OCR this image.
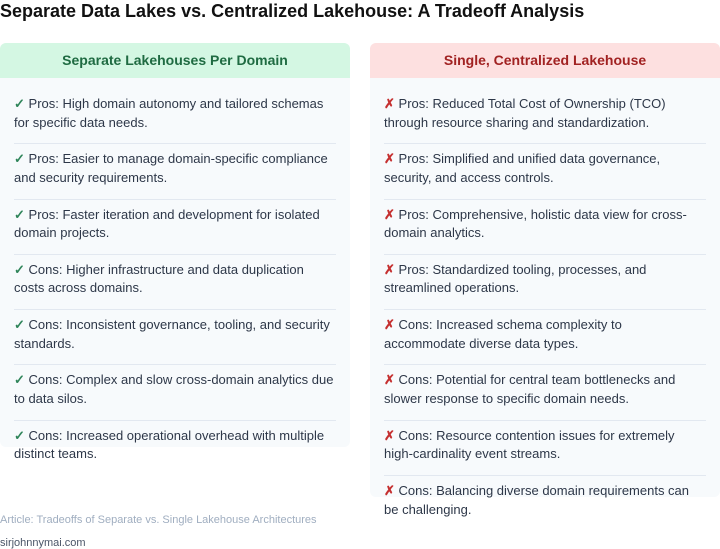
Separate Data Lakes vs. Centralized Lakehouse: A Tradeoff Analysis
Separate Lakehouses Per Domain
✓ Pros: High domain autonomy and tailored schemas for specific data needs.
✓ Pros: Easier to manage domain-specific compliance and security requirements.
✓ Pros: Faster iteration and development for isolated domain projects.
✓ Cons: Higher infrastructure and data duplication costs across domains.
✓ Cons: Inconsistent governance, tooling, and security standards.
✓ Cons: Complex and slow cross-domain analytics due to data silos.
✓ Cons: Increased operational overhead with multiple distinct teams.
Single, Centralized Lakehouse
✗ Pros: Reduced Total Cost of Ownership (TCO) through resource sharing and standardization.
✗ Pros: Simplified and unified data governance, security, and access controls.
✗ Pros: Comprehensive, holistic data view for cross-domain analytics.
✗ Pros: Standardized tooling, processes, and streamlined operations.
✗ Cons: Increased schema complexity to accommodate diverse data types.
✗ Cons: Potential for central team bottlenecks and slower response to specific domain needs.
✗ Cons: Resource contention issues for extremely high-cardinality event streams.
✗ Cons: Balancing diverse domain requirements can be challenging.
Article: Tradeoffs of Separate vs. Single Lakehouse Architectures
sirjohnnymai.com
